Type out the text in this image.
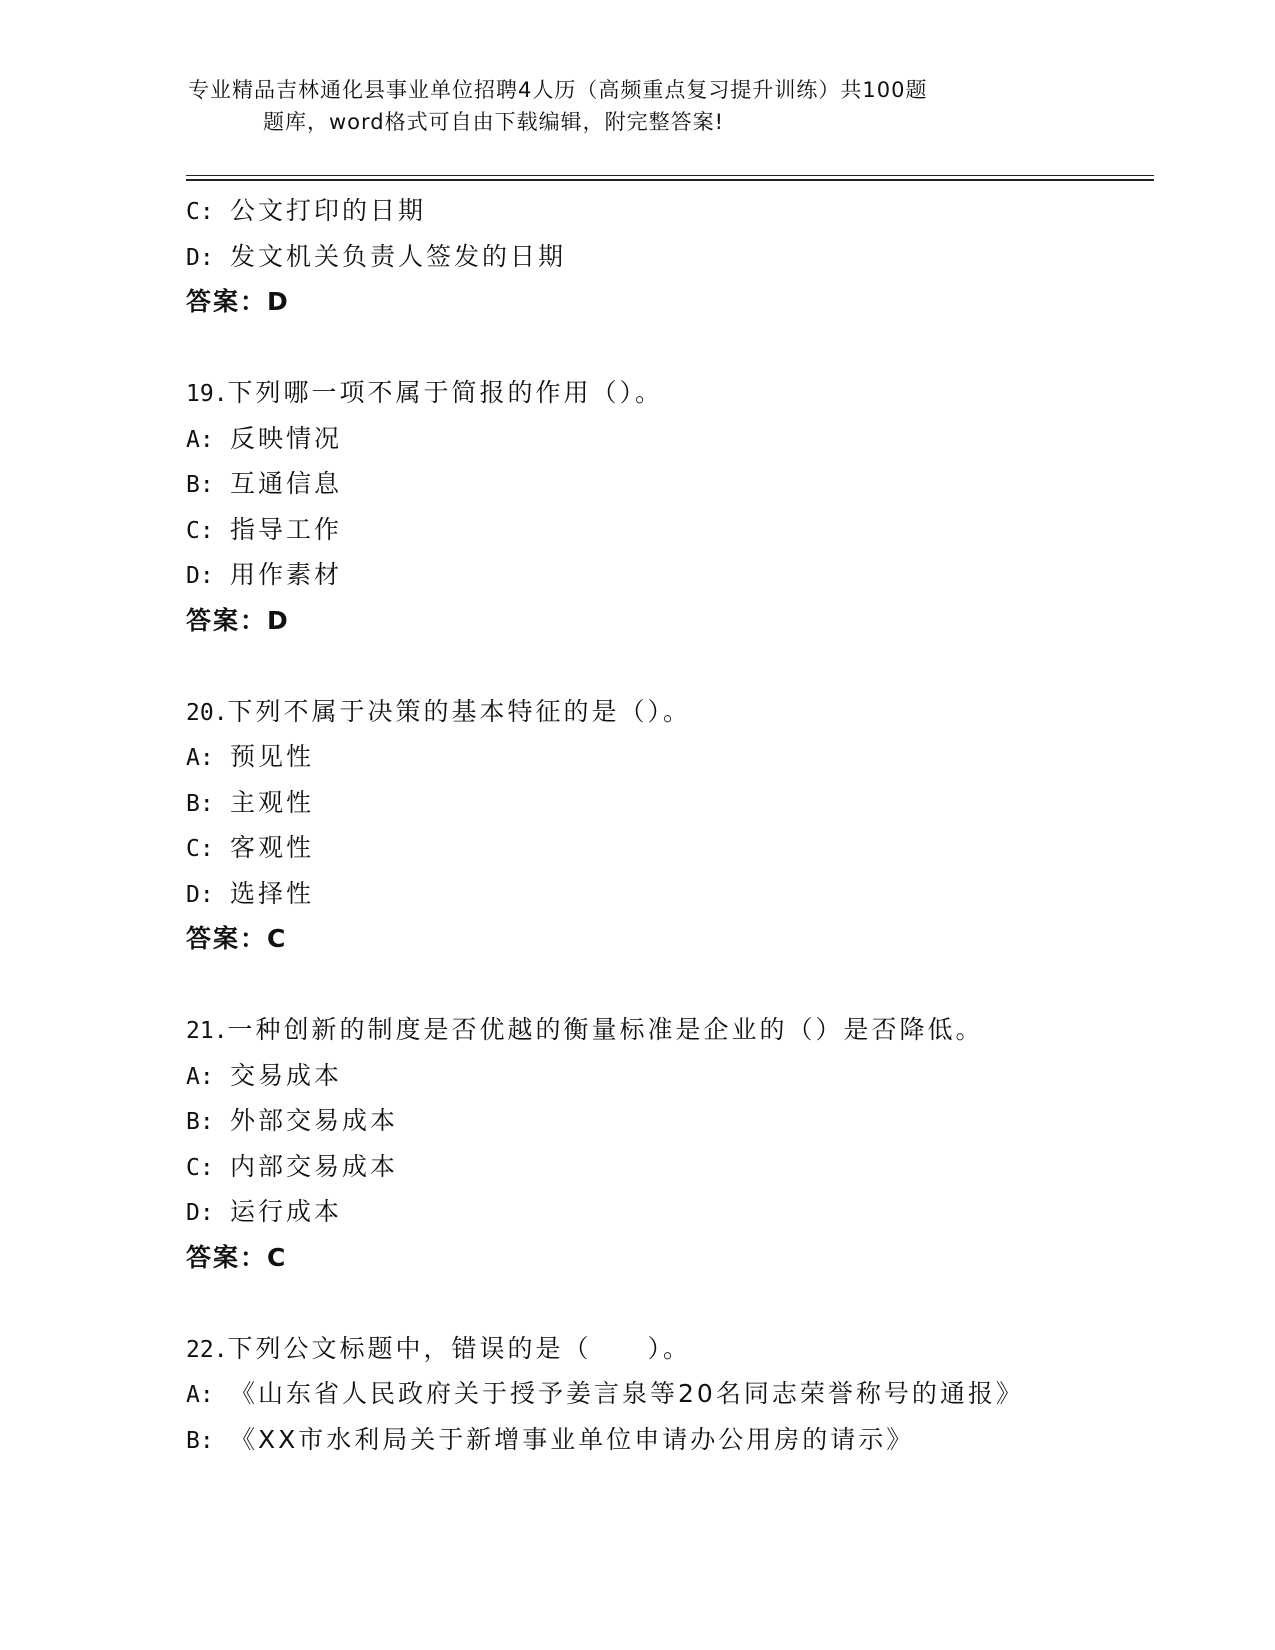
专业精品吉林通化县事业单位招聘4人历（高频重点复习提升训练）共100题
题库，word格式可自由下载编辑，附完整答案!
C: 公文打印的日期
D: 发文机关负责人签发的日期
答案：D
19.下列哪一项不属于简报的作用（）。
A: 反映情况
B: 互通信息
C: 指导工作
D: 用作素材
答案：D
20.下列不属于决策的基本特征的是（）。
A: 预见性
B: 主观性
C: 客观性
D: 选择性
答案：C
21.一种创新的制度是否优越的衡量标准是企业的（）是否降低。
A: 交易成本
B: 外部交易成本
C: 内部交易成本
D: 运行成本
答案：C
22.下列公文标题中，错误的是（　　）。
A: 《山东省人民政府关于授予姜言泉等20名同志荣誉称号的通报》
B: 《XX市水利局关于新增事业单位申请办公用房的请示》
